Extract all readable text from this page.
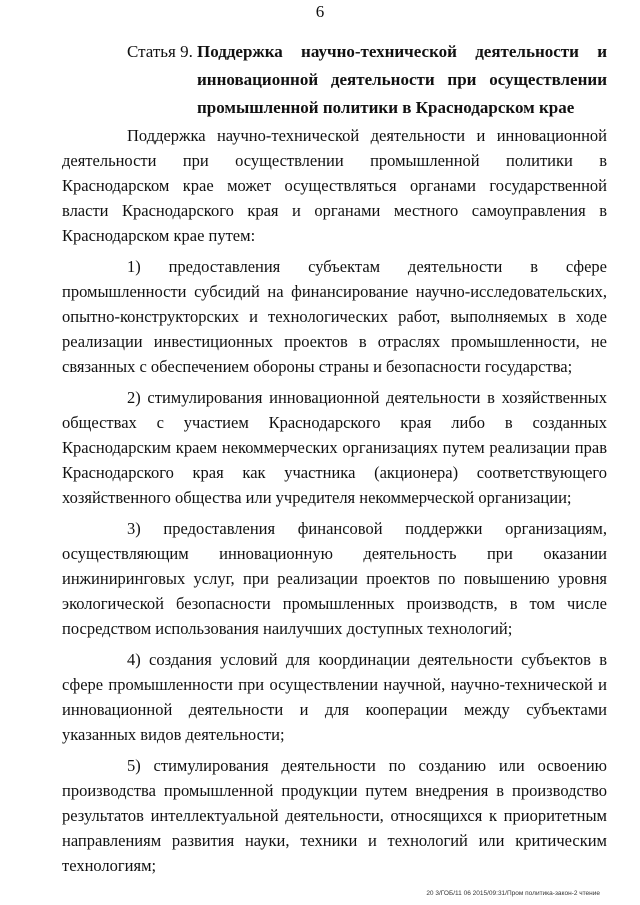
6
Статья 9. Поддержка научно-технической деятельности и инновационной деятельности при осуществлении промышленной политики в Краснодарском крае

Поддержка научно-технической деятельности и инновационной деятельности при осуществлении промышленной политики в Краснодарском крае может осуществляться органами государственной власти Краснодарского края и органами местного самоуправления в Краснодарском крае путем:

1) предоставления субъектам деятельности в сфере промышленности субсидий на финансирование научно-исследовательских, опытно-конструкторских и технологических работ, выполняемых в ходе реализации инвестиционных проектов в отраслях промышленности, не связанных с обеспечением обороны страны и безопасности государства;

2) стимулирования инновационной деятельности в хозяйственных обществах с участием Краснодарского края либо в созданных Краснодарским краем некоммерческих организациях путем реализации прав Краснодарского края как участника (акционера) соответствующего хозяйственного общества или учредителя некоммерческой организации;

3) предоставления финансовой поддержки организациям, осуществляющим инновационную деятельность при оказании инжиниринговых услуг, при реализации проектов по повышению уровня экологической безопасности промышленных производств, в том числе посредством использования наилучших доступных технологий;

4) создания условий для координации деятельности субъектов в сфере промышленности при осуществлении научной, научно-технической и инновационной деятельности и для кооперации между субъектами указанных видов деятельности;

5) стимулирования деятельности по созданию или освоению производства промышленной продукции путем внедрения в производство результатов интеллектуальной деятельности, относящихся к приоритетным направлениям развития науки, техники и технологий или критическим технологиям;

20 3/ГОБ/11 06 2015/09:31/Пром политика-закон-2 чтение
